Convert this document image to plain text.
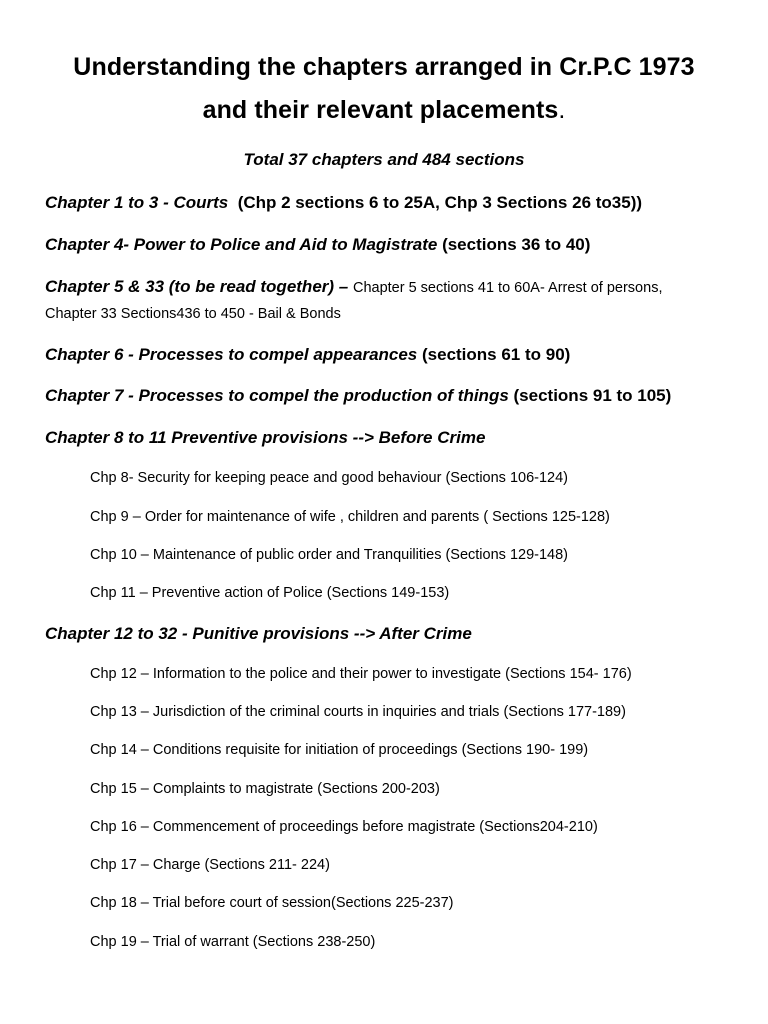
Understanding the chapters arranged in Cr.P.C 1973
and their relevant placements.
Total 37 chapters and 484 sections
Chapter 1 to 3 - Courts (Chp 2 sections 6 to 25A, Chp 3 Sections 26 to35))
Chapter 4- Power to Police and Aid to Magistrate (sections 36 to 40)
Chapter 5 & 33 (to be read together) – Chapter 5 sections 41 to 60A- Arrest of persons,
Chapter 33 Sections436 to 450 - Bail & Bonds
Chapter 6 - Processes to compel appearances (sections 61 to 90)
Chapter 7 - Processes to compel the production of things (sections 91 to 105)
Chapter 8 to 11 Preventive provisions --> Before Crime
Chp 8- Security for keeping peace and good behaviour (Sections 106-124)
Chp 9 – Order for maintenance of wife , children and parents ( Sections 125-128)
Chp 10 – Maintenance of public order and Tranquilities (Sections 129-148)
Chp 11 – Preventive action of Police (Sections 149-153)
Chapter 12 to 32 - Punitive provisions --> After Crime
Chp 12 – Information to the police and their power to investigate (Sections 154- 176)
Chp 13 – Jurisdiction of the criminal courts in inquiries and trials (Sections 177-189)
Chp 14 – Conditions requisite for initiation of proceedings (Sections 190- 199)
Chp 15 – Complaints to magistrate (Sections 200-203)
Chp 16 – Commencement of proceedings before magistrate (Sections204-210)
Chp 17 – Charge (Sections 211- 224)
Chp 18 – Trial before court of session(Sections 225-237)
Chp 19 – Trial of warrant (Sections 238-250)
